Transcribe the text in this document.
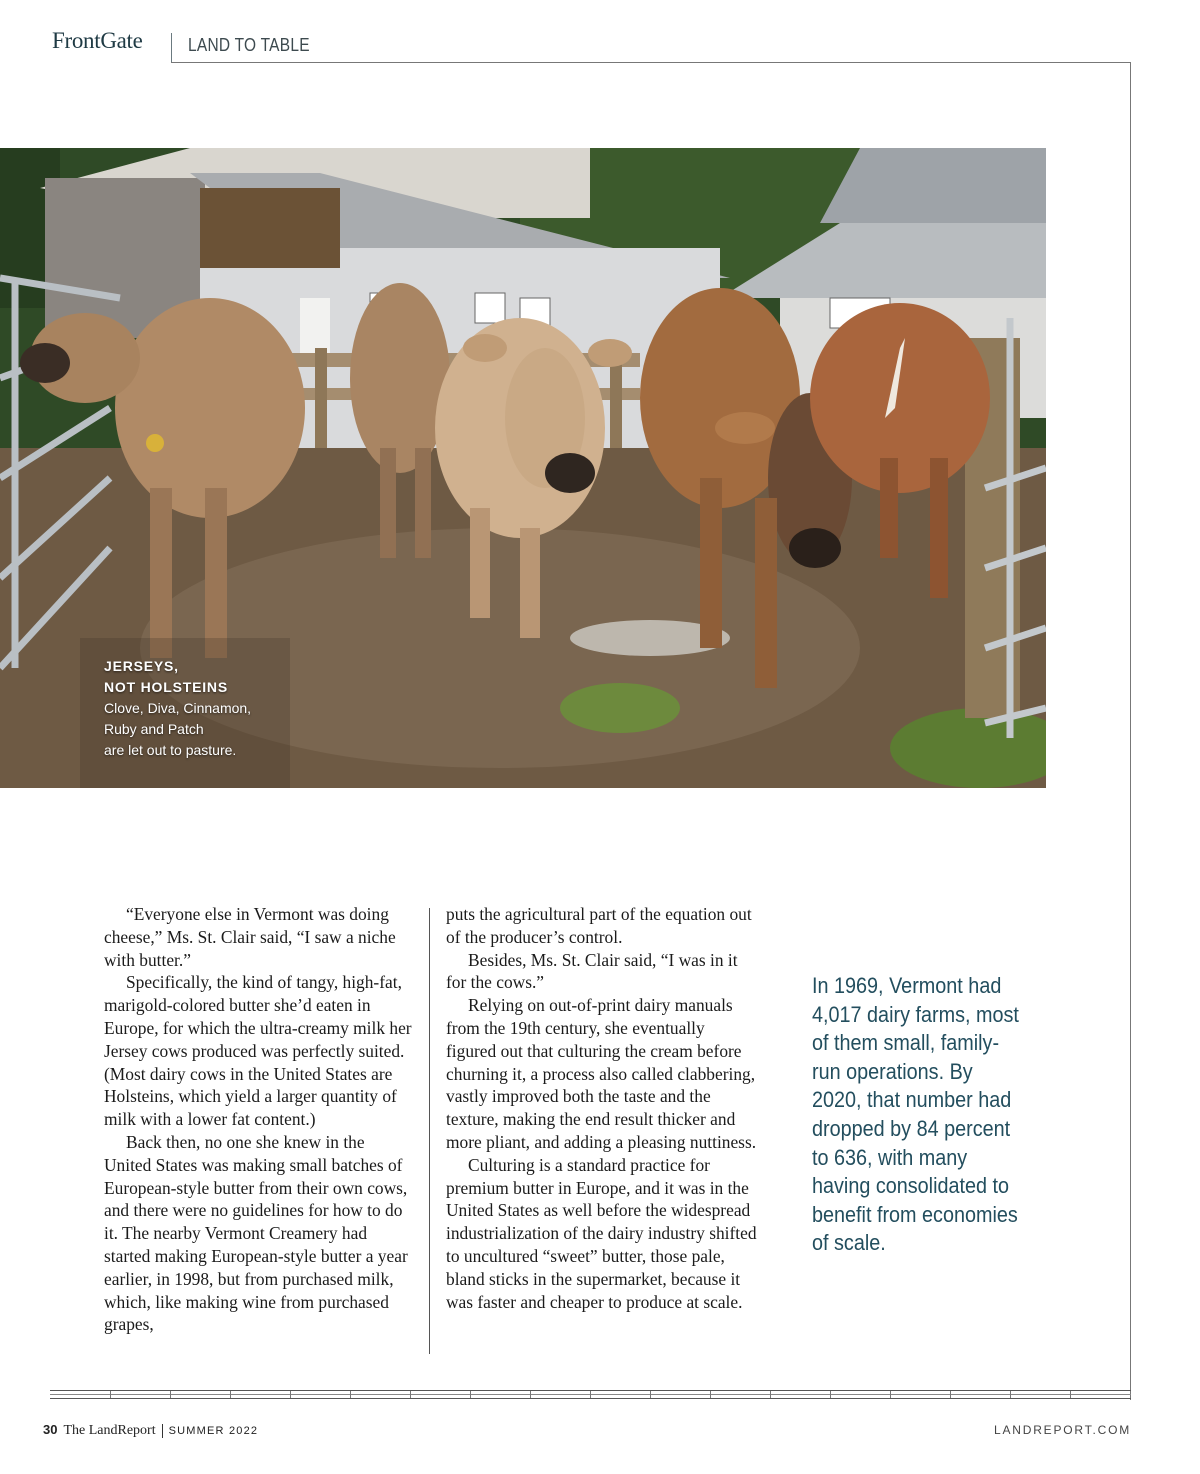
FrontGate	LAND TO TABLE
JERSEYS,
NOT HOLSTEINS
Clove, Diva, Cinnamon,
Ruby and Patch
are let out to pasture.

“Everyone else in Vermont was doing cheese,” Ms. St. Clair said, “I saw a niche with butter.”

Specifically, the kind of tangy, high-fat, marigold-colored butter she’d eaten in Europe, for which the ultra-creamy milk her Jersey cows produced was perfectly suited. (Most dairy cows in the United States are Holsteins, which yield a larger quantity of milk with a lower fat content.)

Back then, no one she knew in the United States was making small batches of European-style butter from their own cows, and there were no guidelines for how to do it. The nearby Vermont Creamery had started making European-style butter a year earlier, in 1998, but from purchased milk, which, like making wine from purchased grapes,

puts the agricultural part of the equation out of the producer’s control.

Besides, Ms. St. Clair said, “I was in it for the cows.”

Relying on out-of-print dairy manuals from the 19th century, she eventually figured out that culturing the cream before churning it, a process also called clabbering, vastly improved both the taste and the texture, making the end result thicker and more pliant, and adding a pleasing nuttiness.

Culturing is a standard practice for premium butter in Europe, and it was in the United States as well before the widespread industrialization of the dairy industry shifted to uncultured “sweet” butter, those pale, bland sticks in the supermarket, because it was faster and cheaper to produce at scale.

In 1969, Vermont had 4,017 dairy farms, most of them small, family-run operations. By 2020, that number had dropped by 84 percent to 636, with many having consolidated to benefit from economies of scale.
30 The LandReport SUMMER 2022	LANDREPORT.COM
